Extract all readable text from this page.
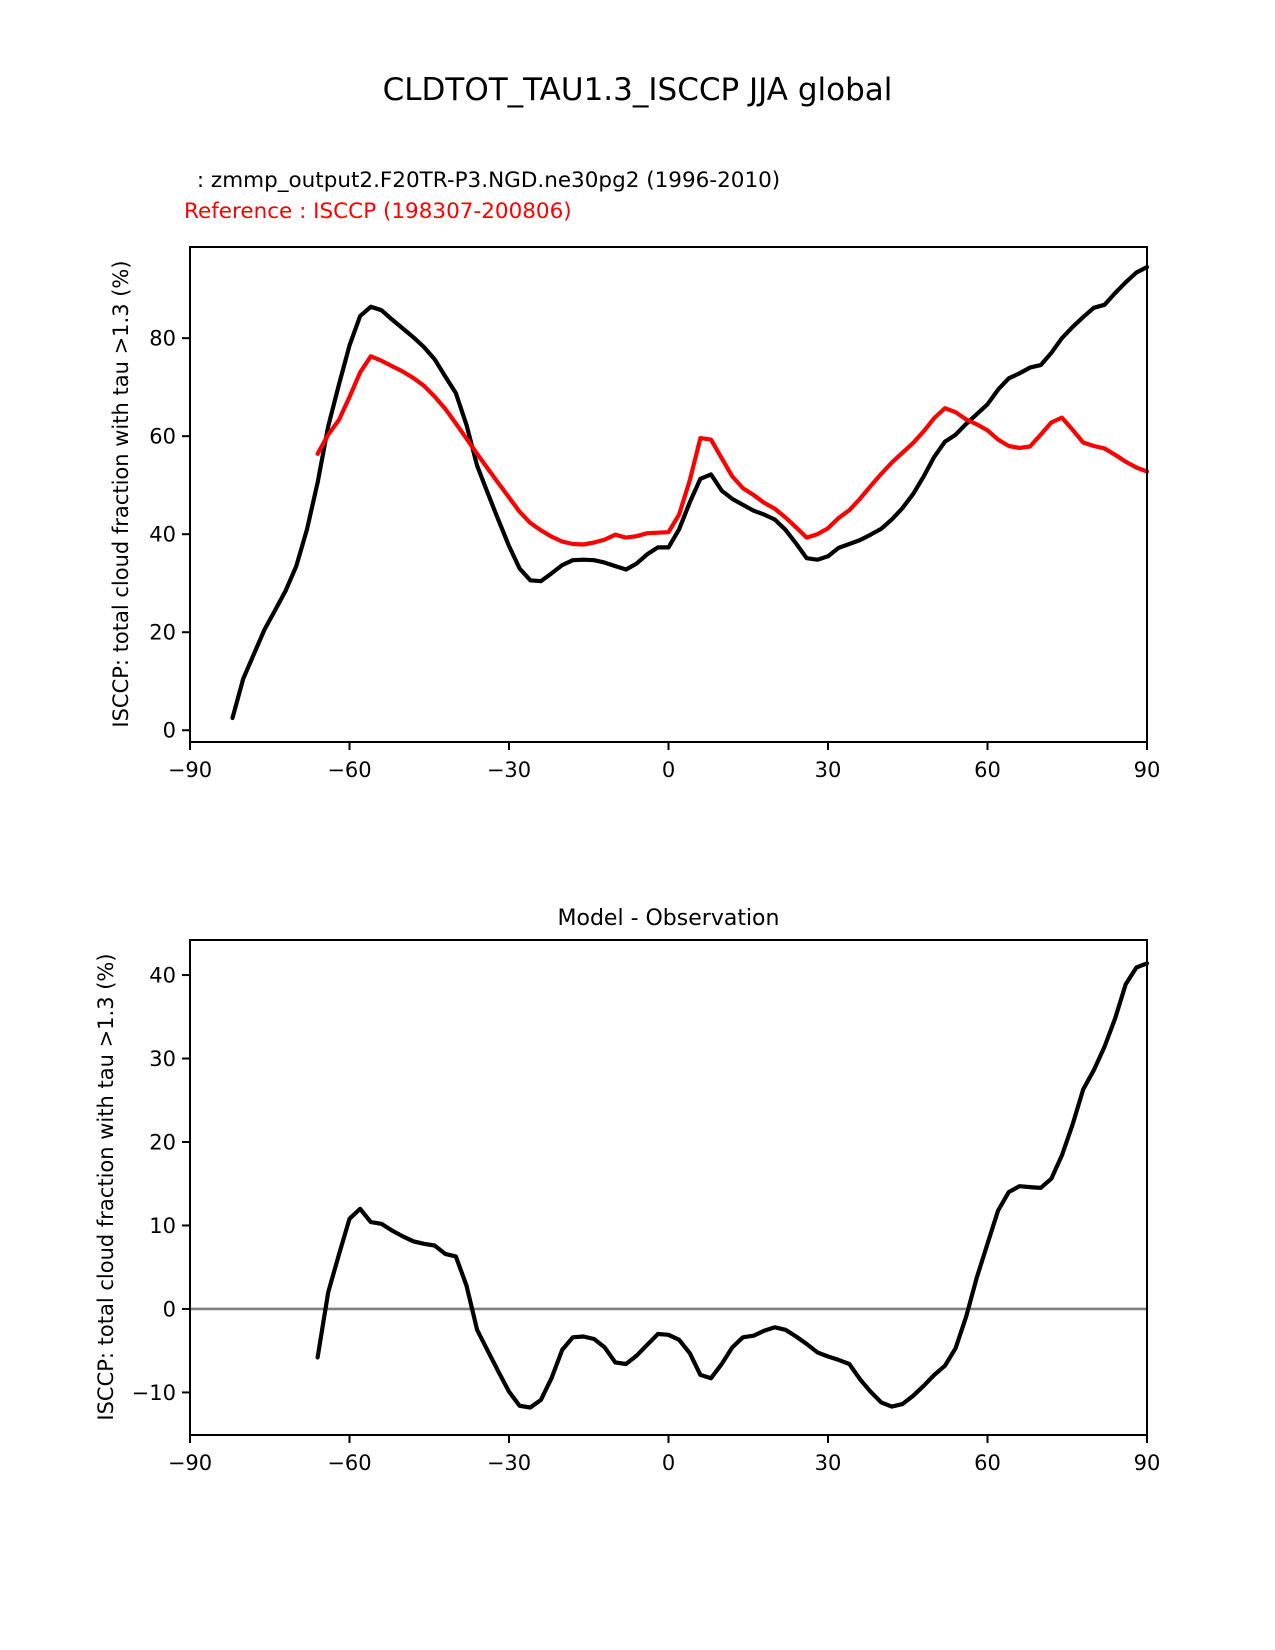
CLDTOT_TAU1.3_ISCCP JJA global
: zmmp_output2.F20TR-P3.NGD.ne30pg2 (1996-2010)
Reference : ISCCP (198307-200806)
ISCCP: total cloud fraction with tau >1.3 (%)
Model - Observation
ISCCP: total cloud fraction with tau >1.3 (%)
−90	−60	−30	0	30	60	90
0
20
40
60
80
−90	−60	−30	0	30	60	90
−10
0
10
20
30
40
